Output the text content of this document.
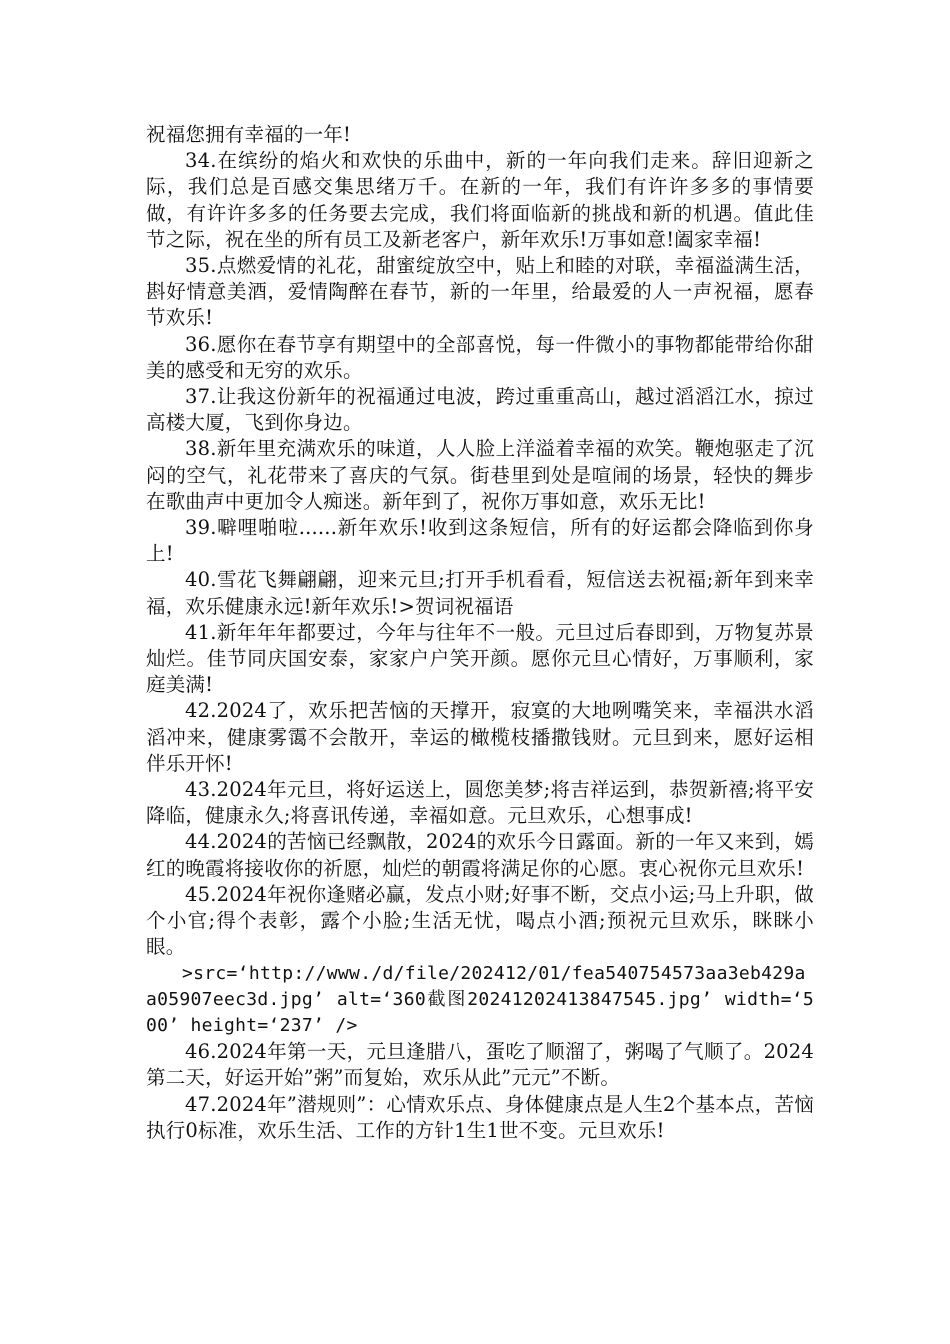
祝福您拥有幸福的一年!

34.在缤纷的焰火和欢快的乐曲中，新的一年向我们走来。辞旧迎新之际，我们总是百感交集思绪万千。在新的一年，我们有许许多多的事情要做，有许许多多的任务要去完成，我们将面临新的挑战和新的机遇。值此佳节之际，祝在坐的所有员工及新老客户，新年欢乐!万事如意!阖家幸福!

35.点燃爱情的礼花，甜蜜绽放空中，贴上和睦的对联，幸福溢满生活，斟好情意美酒，爱情陶醉在春节，新的一年里，给最爱的人一声祝福，愿春节欢乐!

36.愿你在春节享有期望中的全部喜悦，每一件微小的事物都能带给你甜美的感受和无穷的欢乐。

37.让我这份新年的祝福通过电波，跨过重重高山，越过滔滔江水，掠过高楼大厦，飞到你身边。

38.新年里充满欢乐的味道，人人脸上洋溢着幸福的欢笑。鞭炮驱走了沉闷的空气，礼花带来了喜庆的气氛。街巷里到处是喧闹的场景，轻快的舞步在歌曲声中更加令人痴迷。新年到了，祝你万事如意，欢乐无比!

39.噼哩啪啦......新年欢乐!收到这条短信，所有的好运都会降临到你身上!

40.雪花飞舞翩翩，迎来元旦;打开手机看看，短信送去祝福;新年到来幸福，欢乐健康永远!新年欢乐!>贺词祝福语

41.新年年年都要过，今年与往年不一般。元旦过后春即到，万物复苏景灿烂。佳节同庆国安泰，家家户户笑开颜。愿你元旦心情好，万事顺利，家庭美满!

42.2024了，欢乐把苦恼的天撑开，寂寞的大地咧嘴笑来，幸福洪水滔滔冲来，健康雾霭不会散开，幸运的橄榄枝播撒钱财。元旦到来，愿好运相伴乐开怀!

43.2024年元旦，将好运送上，圆您美梦;将吉祥运到，恭贺新禧;将平安降临，健康永久;将喜讯传递，幸福如意。元旦欢乐，心想事成!

44.2024的苦恼已经飘散，2024的欢乐今日露面。新的一年又来到，嫣红的晚霞将接收你的祈愿，灿烂的朝霞将满足你的心愿。衷心祝你元旦欢乐!

45.2024年祝你逢赌必赢，发点小财;好事不断，交点小运;马上升职，做个小官;得个表彰，露个小脸;生活无忧，喝点小酒;预祝元旦欢乐，眯眯小眼。

>src=‘http://www./d/file/202412/01/fea540754573aa3eb429aa05907eec3d.jpg’ alt=‘360截图20241202413847545.jpg’ width=‘500’ height=‘237’ />

46.2024年第一天，元旦逢腊八，蛋吃了顺溜了，粥喝了气顺了。2024第二天，好运开始”粥”而复始，欢乐从此”元元”不断。

47.2024年”潜规则”：心情欢乐点、身体健康点是人生2个基本点，苦恼执行0标准，欢乐生活、工作的方针1生1世不变。元旦欢乐!
